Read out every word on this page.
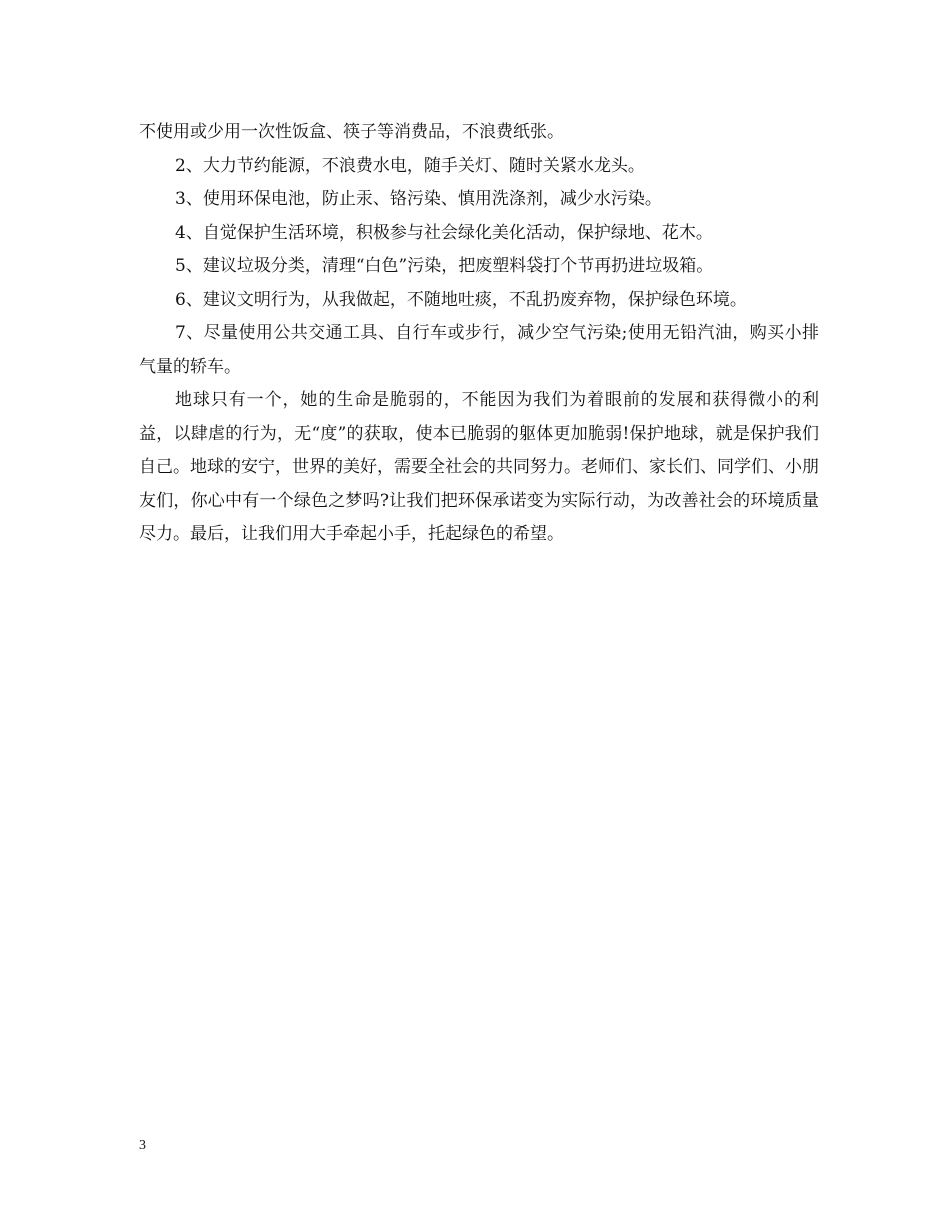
不使用或少用一次性饭盒、筷子等消费品，不浪费纸张。

2、大力节约能源，不浪费水电，随手关灯、随时关紧水龙头。

3、使用环保电池，防止汞、铬污染、慎用洗涤剂，减少水污染。

4、自觉保护生活环境，积极参与社会绿化美化活动，保护绿地、花木。

5、建议垃圾分类，清理“白色”污染，把废塑料袋打个节再扔进垃圾箱。

6、建议文明行为，从我做起，不随地吐痰，不乱扔废弃物，保护绿色环境。

7、尽量使用公共交通工具、自行车或步行，减少空气污染;使用无铅汽油，购买小排气量的轿车。

地球只有一个，她的生命是脆弱的，不能因为我们为着眼前的发展和获得微小的利益，以肆虐的行为，无“度”的获取，使本已脆弱的躯体更加脆弱!保护地球，就是保护我们自己。地球的安宁，世界的美好，需要全社会的共同努力。老师们、家长们、同学们、小朋友们，你心中有一个绿色之梦吗?让我们把环保承诺变为实际行动，为改善社会的环境质量尽力。最后，让我们用大手牵起小手，托起绿色的希望。

3
